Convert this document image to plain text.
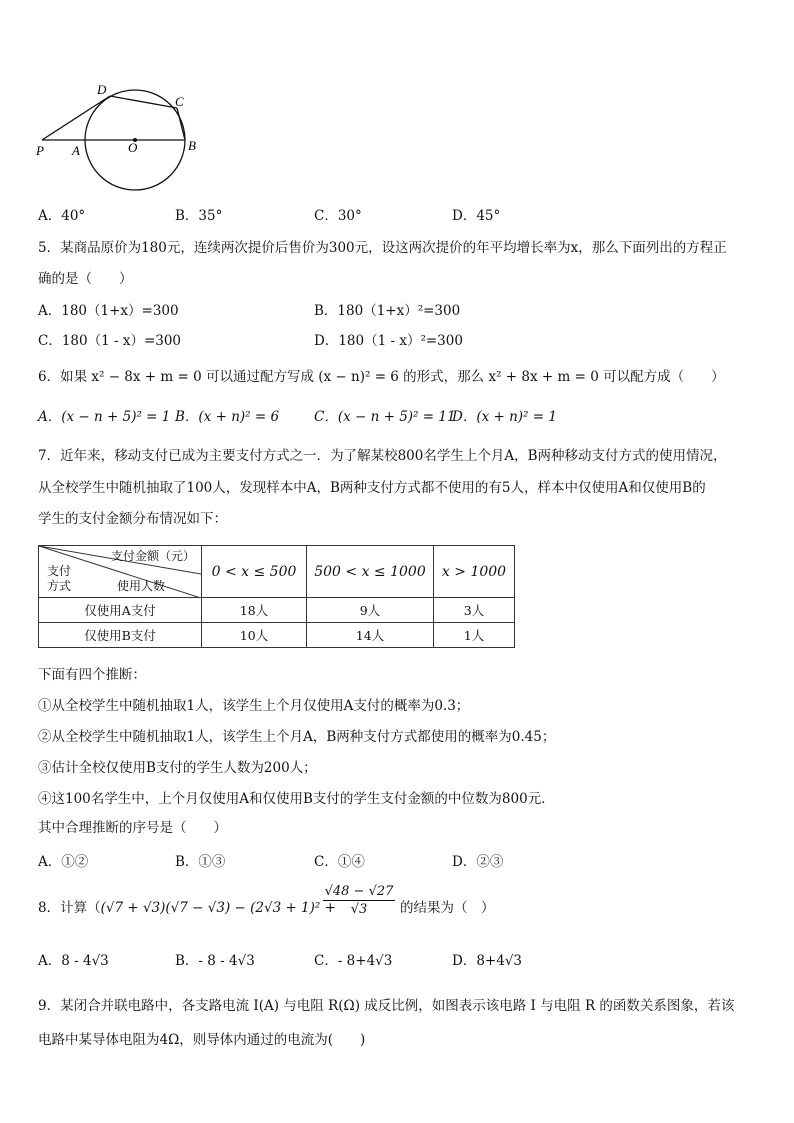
P A	O	B
C
D
A．40°	B．35°	C．30°	D．45°
5．某商品原价为180元，连续两次提价后售价为300元，设这两次提价的年平均增长率为x，那么下面列出的方程正
确的是（　　）
A．180（1+x）=300	B．180（1+x）²=300
C．180（1 - x）=300	D．180（1 - x）²=300
6．如果 x² − 8x + m = 0 可以通过配方写成 (x − n)² = 6 的形式，那么 x² + 8x + m = 0 可以配方成（　　）
A．(x − n + 5)² = 1 B．(x + n)² = 6	C．(x − n + 5)² = 11
D．(x + n)² = 1
7．近年来，移动支付已成为主要支付方式之一．为了解某校800名学生上个月A，B两种移动支付方式的使用情况，
从全校学生中随机抽取了100人，发现样本中A，B两种支付方式都不使用的有5人，样本中仅使用A和仅使用B的
学生的支付金额分布情况如下：
支付金额（元）
支付
方式 使用人数	0 < x ≤ 500	500 < x ≤ 1000	x > 1000
仅使用A支付	18人	9人	3人
仅使用B支付	10人	14人	1人
下面有四个推断：
①从全校学生中随机抽取1人，该学生上个月仅使用A支付的概率为0.3；
②从全校学生中随机抽取1人，该学生上个月A，B两种支付方式都使用的概率为0.45；
③估计全校仅使用B支付的学生人数为200人；
④这100名学生中，上个月仅使用A和仅使用B支付的学生支付金额的中位数为800元．
其中合理推断的序号是（　　）
A．①②	B．①③	C．①④	D．②③
8．计算（(√7 + √3)(√7 − √3) − (2√3 + 1)² +
$\frac{√48 - √27}{√3}$ 的结果为（　）
A．8 - 4√3	B．- 8 - 4√3	C．- 8+4√3	D．8+4√3
9．某闭合并联电路中，各支路电流 I(A) 与电阻 R(Ω) 成反比例，如图表示该电路 I 与电阻 R 的函数关系图象，若该
电路中某导体电阻为4Ω，则导体内通过的电流为(　　)
